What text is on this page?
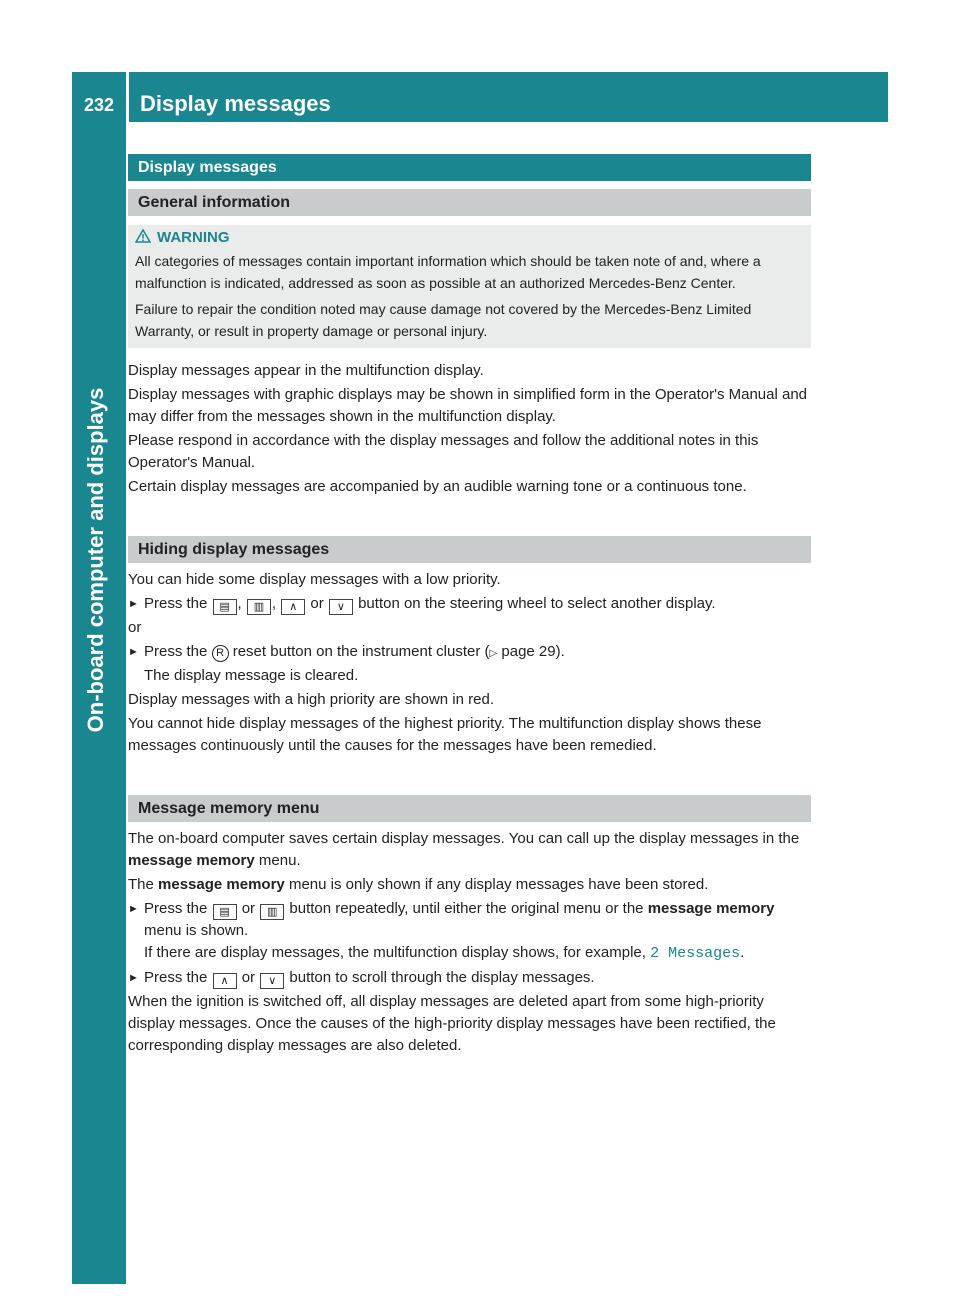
232	Display messages
On-board computer and displays
Display messages
General information
WARNING

All categories of messages contain important information which should be taken note of and, where a malfunction is indicated, addressed as soon as possible at an authorized Mercedes-Benz Center.

Failure to repair the condition noted may cause damage not covered by the Mercedes-Benz Limited Warranty, or result in property damage or personal injury.

Display messages appear in the multifunction display.

Display messages with graphic displays may be shown in simplified form in the Operator's Manual and may differ from the messages shown in the multifunction display.

Please respond in accordance with the display messages and follow the additional notes in this Operator's Manual.

Certain display messages are accompanied by an audible warning tone or a continuous tone.

Hiding display messages

You can hide some display messages with a low priority.

► Press the ▤ , ▥ , ∧ or ∨ button on the steering wheel to select another display.

or

► Press the R reset button on the instrument cluster (▷ page 29).
The display message is cleared.

Display messages with a high priority are shown in red.

You cannot hide display messages of the highest priority. The multifunction display shows these messages continuously until the causes for the messages have been remedied.

Message memory menu

The on-board computer saves certain display messages. You can call up the display messages in the message memory menu.

The message memory menu is only shown if any display messages have been stored.

► Press the ▤ or ▥ button repeatedly, until either the original menu or the message memory menu is shown.
If there are display messages, the multifunction display shows, for example, 2 Messages.
► Press the ∧ or ∨ button to scroll through the display messages.

When the ignition is switched off, all display messages are deleted apart from some high-priority display messages. Once the causes of the high-priority display messages have been rectified, the corresponding display messages are also deleted.
